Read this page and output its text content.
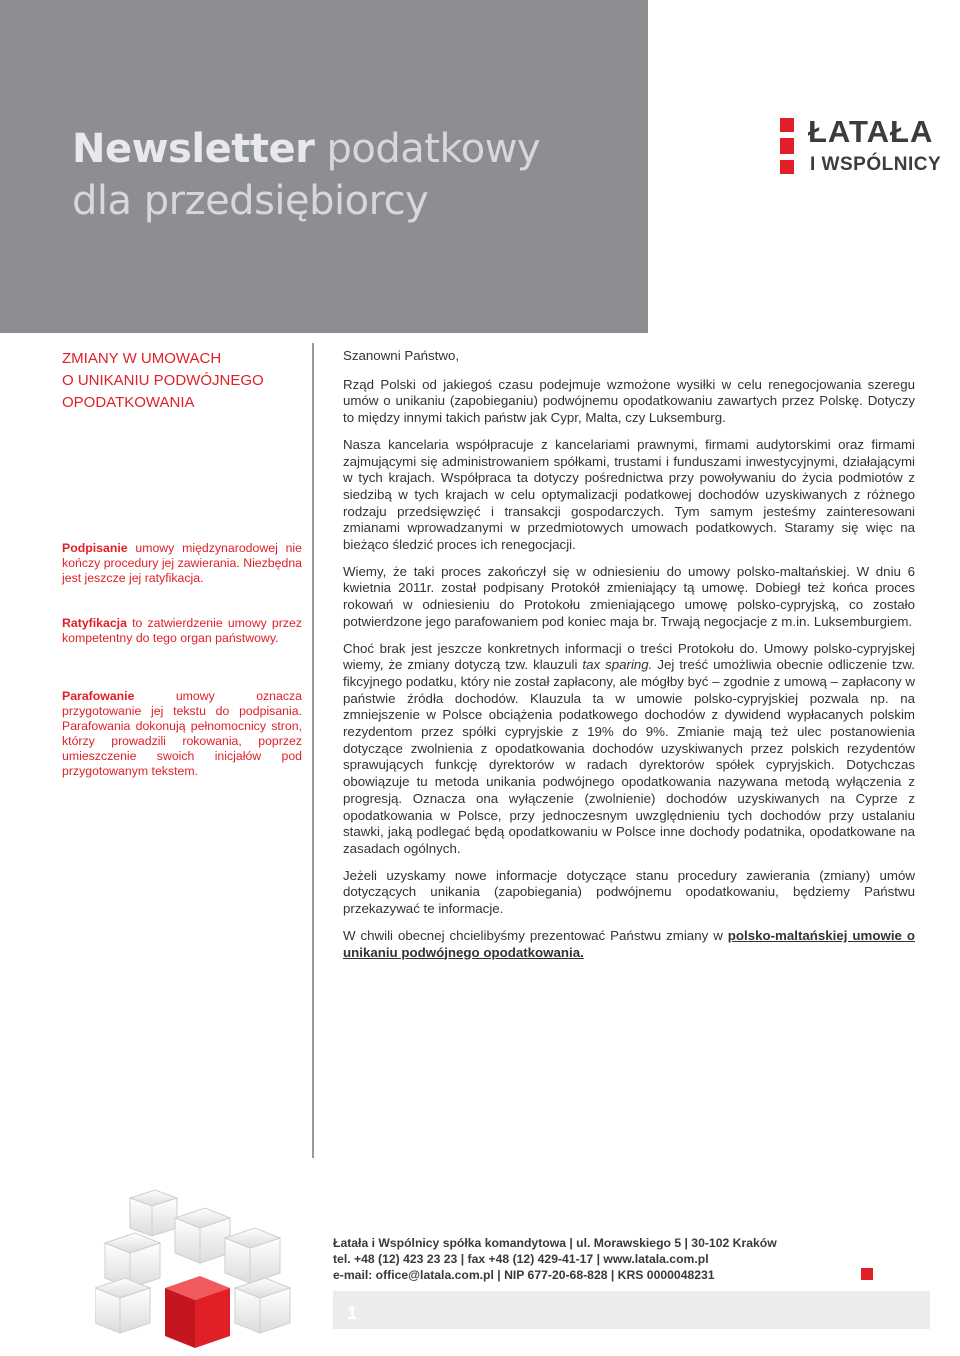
Newsletter podatkowy
dla przedsiębiorcy
ŁATAŁA
I WSPÓLNICY
ZMIANY W UMOWACH
O UNIKANIU PODWÓJNEGO
OPODATKOWANIA

Podpisanie umowy międzynarodowej nie kończy procedury jej zawierania. Niezbędna jest jeszcze jej ratyfikacja.

Ratyfikacja to zatwierdzenie umowy przez kompetentny do tego organ państwowy.

Parafowanie umowy oznacza przygotowanie jej tekstu do podpisania. Parafowania dokonują pełnomocnicy stron, którzy prowadzili rokowania, poprzez umieszczenie swoich inicjałów pod przygotowanym tekstem.

Szanowni Państwo,

Rząd Polski od jakiegoś czasu podejmuje wzmożone wysiłki w celu renegocjowania szeregu umów o unikaniu (zapobieganiu) podwójnemu opodatkowaniu zawartych przez Polskę. Dotyczy to między innymi takich państw jak Cypr, Malta, czy Luksemburg.

Nasza kancelaria współpracuje z kancelariami prawnymi, firmami audytorskimi oraz firmami zajmującymi się administrowaniem spółkami, trustami i funduszami inwestycyjnymi, działającymi w tych krajach. Współpraca ta dotyczy pośrednictwa przy powoływaniu do życia podmiotów z siedzibą w tych krajach w celu optymalizacji podatkowej dochodów uzyskiwanych z różnego rodzaju przedsięwzięć i transakcji gospodarczych. Tym samym jesteśmy zainteresowani zmianami wprowadzanymi w przedmiotowych umowach podatkowych. Staramy się więc na bieżąco śledzić proces ich renegocjacji.

Wiemy, że taki proces zakończył się w odniesieniu do umowy polsko-maltańskiej. W dniu 6 kwietnia 2011r. został podpisany Protokół zmieniający tą umowę. Dobiegł też końca proces rokowań w odniesieniu do Protokołu zmieniającego umowę polsko-cypryjską, co zostało potwierdzone jego parafowaniem pod koniec maja br. Trwają negocjacje z m.in. Luksemburgiem.

Choć brak jest jeszcze konkretnych informacji o treści Protokołu do. Umowy polsko-cypryjskej wiemy, że zmiany dotyczą tzw. klauzuli tax sparing. Jej treść umożliwia obecnie odliczenie tzw. fikcyjnego podatku, który nie został zapłacony, ale mógłby być – zgodnie z umową – zapłacony w państwie źródła dochodów. Klauzula ta w umowie polsko-cypryjskiej pozwala np. na zmniejszenie w Polsce obciążenia podatkowego dochodów z dywidend wypłacanych polskim rezydentom przez spółki cypryjskie z 19% do 9%. Zmianie mają też ulec postanowienia dotyczące zwolnienia z opodatkowania dochodów uzyskiwanych przez polskich rezydentów sprawujących funkcję dyrektorów w radach dyrektorów spółek cypryjskich. Dotychczas obowiązuje tu metoda unikania podwójnego opodatkowania nazywana metodą wyłączenia z progresją. Oznacza ona wyłączenie (zwolnienie) dochodów uzyskiwanych na Cyprze z opodatkowania w Polsce, przy jednoczesnym uwzględnieniu tych dochodów przy ustalaniu stawki, jaką podlegać będą opodatkowaniu w Polsce inne dochody podatnika, opodatkowane na zasadach ogólnych.

Jeżeli uzyskamy nowe informacje dotyczące stanu procedury zawierania (zmiany) umów dotyczących unikania (zapobiegania) podwójnemu opodatkowaniu, będziemy Państwu przekazywać te informacje.

W chwili obecnej chcielibyśmy prezentować Państwu zmiany w polsko-maltańskiej umowie o unikaniu podwójnego opodatkowania.

Łatała i Wspólnicy spółka komandytowa | ul. Morawskiego 5 | 30-102 Kraków
tel. +48 (12) 423 23 23 | fax +48 (12) 429-41-17 | www.latala.com.pl
e-mail: office@latala.com.pl | NIP 677-20-68-828 | KRS 0000048231
1
